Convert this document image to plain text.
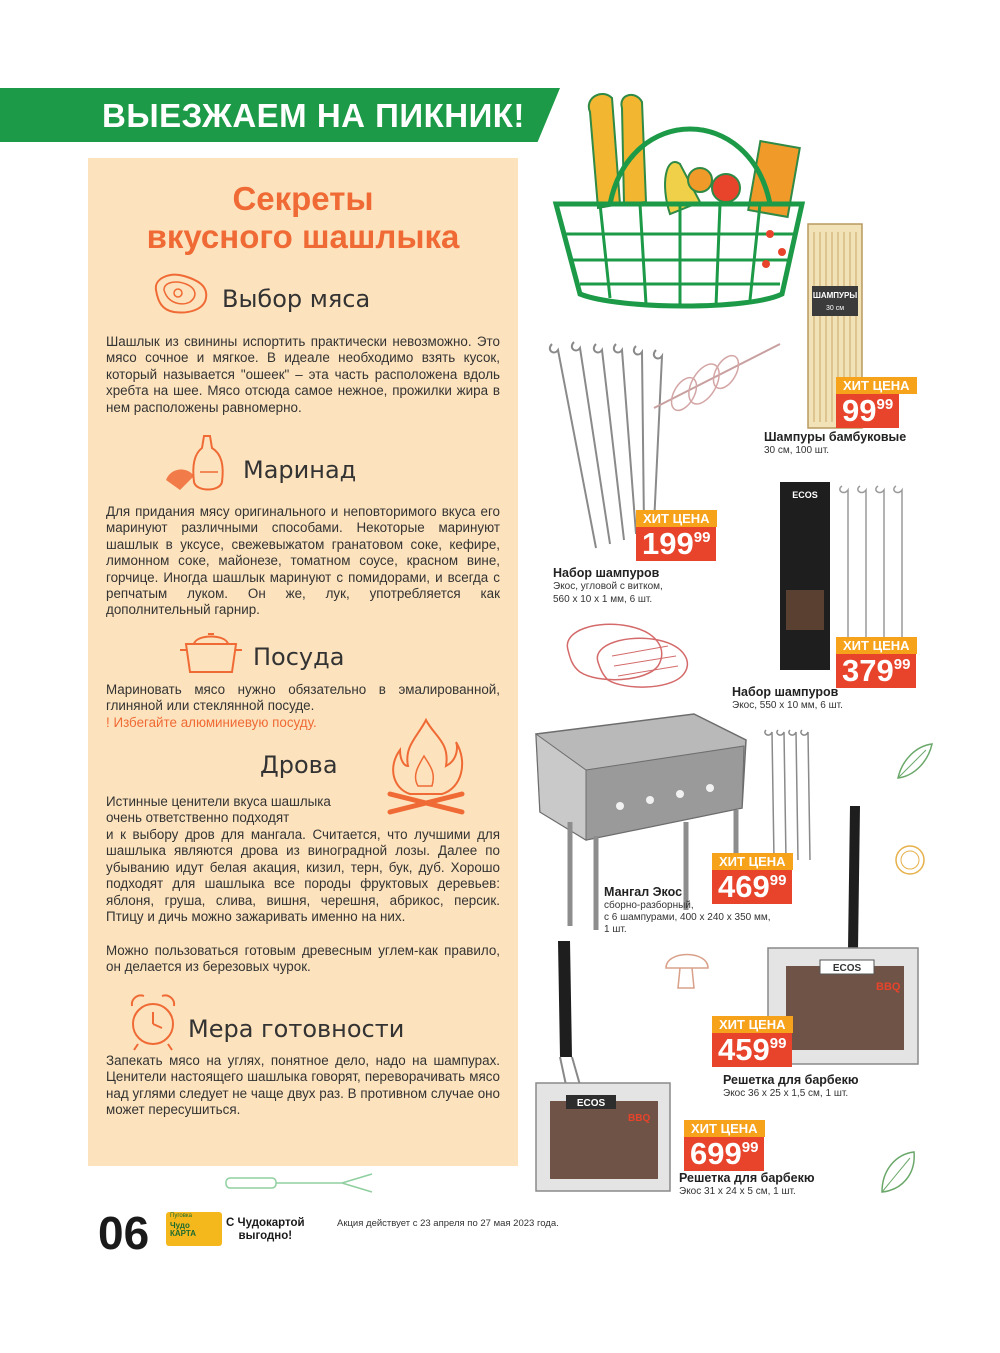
ВЫЕЗЖАЕМ НА ПИКНИК!
Секреты
вкусного шашлыка
Выбор мяса
Шашлык из свинины испортить практически невозможно. Это мясо сочное и мягкое. В идеале необходимо взять кусок, который называется "ошеек" – эта часть расположена вдоль хребта на шее. Мясо отсюда самое нежное, прожилки жира в нем расположены равномерно.
Маринад
Для придания мясу оригинального и неповторимого вкуса его маринуют различными способами. Некоторые маринуют шашлык в уксусе, свежевыжатом гранатовом соке, кефире, лимонном соке, майонезе, томатном соусе, красном вине, горчице. Иногда шашлык маринуют с помидорами, и всегда с репчатым луком. Он же, лук, употребляется как дополнительный гарнир.
Посуда
Мариновать мясо нужно обязательно в эмалированной, глиняной или стеклянной посуде.
! Избегайте алюминиевую посуду.
Дрова
Истинные ценители вкуса шашлыка очень ответственно подходят
и к выбору дров для мангала. Считается, что лучшими для шашлыка являются дрова из виноградной лозы. Далее по убыванию идут белая акация, кизил, терн, бук, дуб. Хорошо подходят для шашлыка все породы фруктовых деревьев: яблоня, груша, слива, вишня, черешня, абрикос, персик. Птицу и дичь можно зажаривать именно на них.
Можно пользоваться готовым древесным углем-как правило, он делается из березовых чурок.
Мера готовности
Запекать мясо на углях, понятное дело, надо на шампурах. Ценители настоящего шашлыка говорят, переворачивать мясо над углями следует не чаще двух раз. В противном случае оно может пересушиться.
ШАМПУРЫ
30 см
ХИТ ЦЕНА
9999
Шампуры бамбуковые
30 см, 100 шт.
ХИТ ЦЕНА
19999
Набор шампуров
Экос, угловой с витком,
560 х 10 х 1 мм, 6 шт.
ECOS
ХИТ ЦЕНА
37999
Набор шампуров
Экос, 550 х 10 мм, 6 шт.
ХИТ ЦЕНА
46999
Мангал Экос
сборно-разборный,
с 6 шампурами, 400 х 240 х 350 мм,
1 шт.
ECOS
BBQ
ХИТ ЦЕНА
45999
Решетка для барбекю
Экос 36 х 25 х 1,5 см, 1 шт.
ECOS
BBQ
ХИТ ЦЕНА
69999
Решетка для барбекю
Экос 31 х 24 х 5 см, 1 шт.
06	Пуговка
Чудо
КАРТА
С Чудокартой
выгодно!
Акция действует с 23 апреля по 27 мая 2023 года.
